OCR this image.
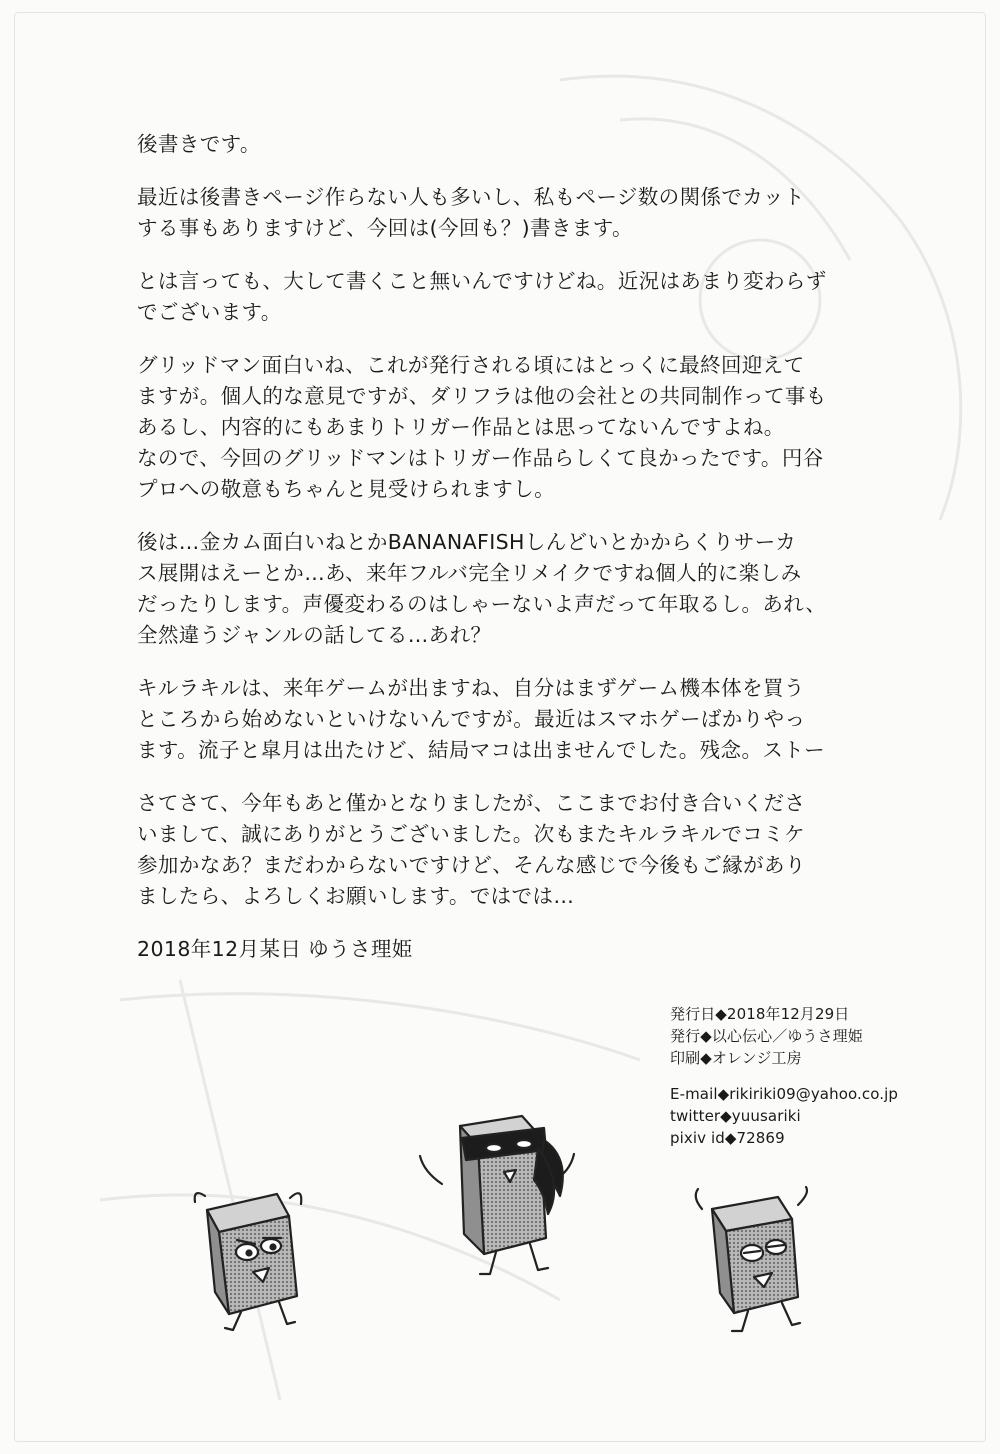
後書きです。

最近は後書きページ作らない人も多いし、私もページ数の関係でカット
する事もありますけど、今回は(今回も？)書きます。

とは言っても、大して書くこと無いんですけどね。近況はあまり変わらず
でございます。

グリッドマン面白いね、これが発行される頃にはとっくに最終回迎えて
ますが。個人的な意見ですが、ダリフラは他の会社との共同制作って事も
あるし、内容的にもあまりトリガー作品とは思ってないんですよね。
なので、今回のグリッドマンはトリガー作品らしくて良かったです。円谷
プロへの敬意もちゃんと見受けられますし。

後は…金カム面白いねとかBANANAFISHしんどいとかからくりサーカ
ス展開はえーとか…あ、来年フルバ完全リメイクですね個人的に楽しみ
だったりします。声優変わるのはしゃーないよ声だって年取るし。あれ、
全然違うジャンルの話してる…あれ？

キルラキルは、来年ゲームが出ますね、自分はまずゲーム機本体を買う
ところから始めないといけないんですが。最近はスマホゲーばかりやっ
ます。流子と皐月は出たけど、結局マコは出ませんでした。残念。ストー

さてさて、今年もあと僅かとなりましたが、ここまでお付き合いくださ
いまして、誠にありがとうございました。次もまたキルラキルでコミケ
参加かなあ？まだわからないですけど、そんな感じで今後もご縁があり
ましたら、よろしくお願いします。ではでは…

2018年12月某日 ゆうさ理姫

発行日◆2018年12月29日
発行◆以心伝心／ゆうさ理姫
印刷◆オレンジ工房
E-mail◆rikiriki09@yahoo.co.jp
twitter◆yuusariki
pixiv id◆72869
